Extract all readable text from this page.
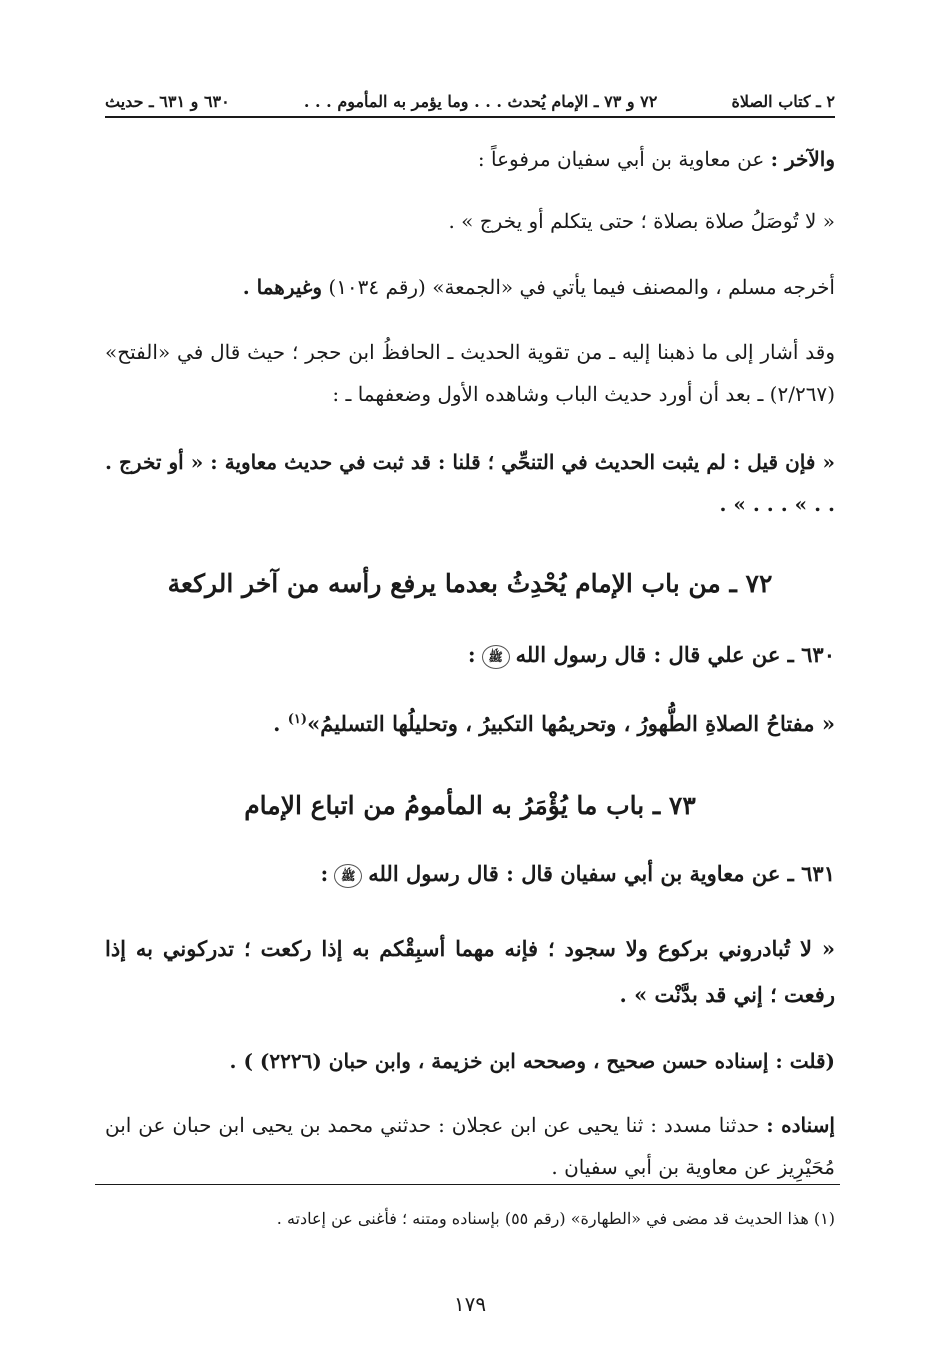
٢ ـ كتاب الصلاة
٧٢ و ٧٣ ـ الإمام يُحدث . . . وما يؤمر به المأموم . . .
٦٣٠ و ٦٣١ ـ حديث

والآخر : عن معاوية بن أبي سفيان مرفوعاً :

« لا تُوصَلُ صلاة بصلاة ؛ حتى يتكلم أو يخرج » .

أخرجه مسلم ، والمصنف فيما يأتي في «الجمعة» (رقم ١٠٣٤) وغيرهما .

وقد أشار إلى ما ذهبنا إليه ـ من تقوية الحديث ـ الحافظُ ابن حجر ؛ حيث قال في «الفتح» (٢/٢٦٧) ـ بعد أن أورد حديث الباب وشاهده الأول وضعفهما ـ :

« فإن قيل : لم يثبت الحديث في التنحِّي ؛ قلنا : قد ثبت في حديث معاوية : « أو تخرج . . . » . . . » .

٧٢ ـ من باب الإمام يُحْدِثُ بعدما يرفع رأسه من آخر الركعة

٦٣٠ ـ عن علي قال : قال رسول اللهﷺ:

« مفتاحُ الصلاةِ الطُّهورُ ، وتحريمُها التكبيرُ ، وتحليلُها التسليمُ»$^{(١)}$ .

٧٣ ـ باب ما يُؤْمَرُ به المأمومُ من اتباع الإمام

٦٣١ ـ عن معاوية بن أبي سفيان قال : قال رسول اللهﷺ:

« لا تُبادروني بركوع ولا سجود ؛ فإنه مهما أسبِقْكم به إذا ركعت ؛ تدركوني به إذا رفعت ؛ إني قد بدَّنْت » .

(قلت : إسناده حسن صحيح ، وصححه ابن خزيمة ، وابن حبان (٢٢٢٦) ) .

إسناده : حدثنا مسدد : ثنا يحيى عن ابن عجلان : حدثني محمد بن يحيى ابن حبان عن ابن مُحَيْرِيز عن معاوية بن أبي سفيان .

(١) هذا الحديث قد مضى في «الطهارة» (رقم ٥٥) بإسناده ومتنه ؛ فأغنى عن إعادته .

١٧٩
